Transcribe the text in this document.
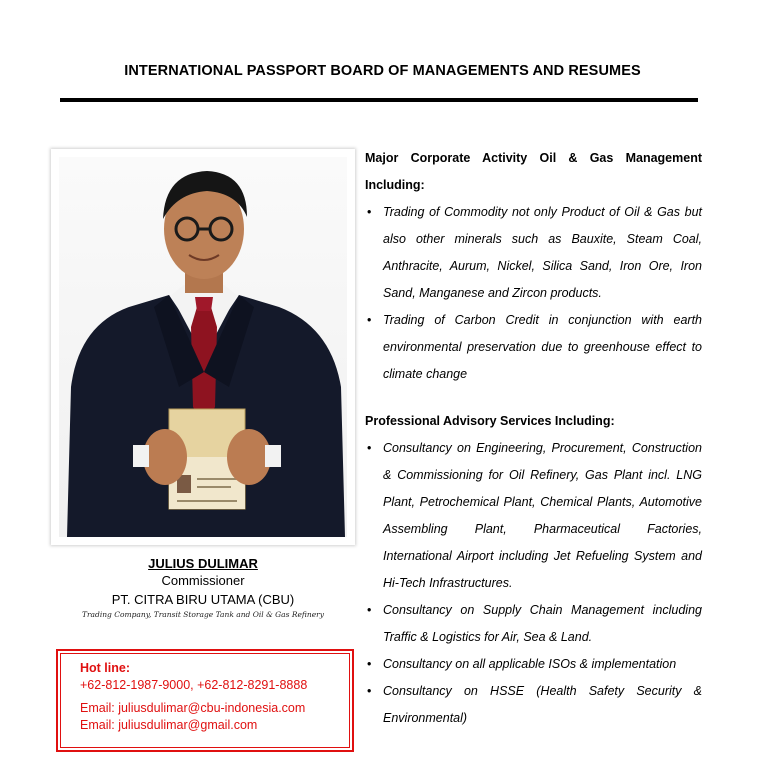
INTERNATIONAL PASSPORT BOARD OF MANAGEMENTS AND RESUMES
JULIUS DULIMAR
Commissioner
PT. CITRA BIRU UTAMA (CBU)
Trading Company, Transit Storage Tank and Oil & Gas Refinery
Hot line:
+62-812-1987-9000, +62-812-8291-8888
Email: juliusdulimar@cbu-indonesia.com
Email: juliusdulimar@gmail.com
Major Corporate Activity Oil & Gas Management Including:
• Trading of Commodity not only Product of Oil & Gas but also other minerals such as Bauxite, Steam Coal, Anthracite, Aurum, Nickel, Silica Sand, Iron Ore, Iron Sand, Manganese and Zircon products.
• Trading of Carbon Credit in conjunction with earth environmental preservation due to greenhouse effect to climate change
Professional Advisory Services Including:
• Consultancy on Engineering, Procurement, Construction & Commissioning for Oil Refinery, Gas Plant incl. LNG Plant, Petrochemical Plant, Chemical Plants, Automotive Assembling Plant, Pharmaceutical Factories, International Airport including Jet Refueling System and Hi-Tech Infrastructures.
• Consultancy on Supply Chain Management including Traffic & Logistics for Air, Sea & Land.
• Consultancy on all applicable ISOs & implementation
• Consultancy on HSSE (Health Safety Security & Environmental)
